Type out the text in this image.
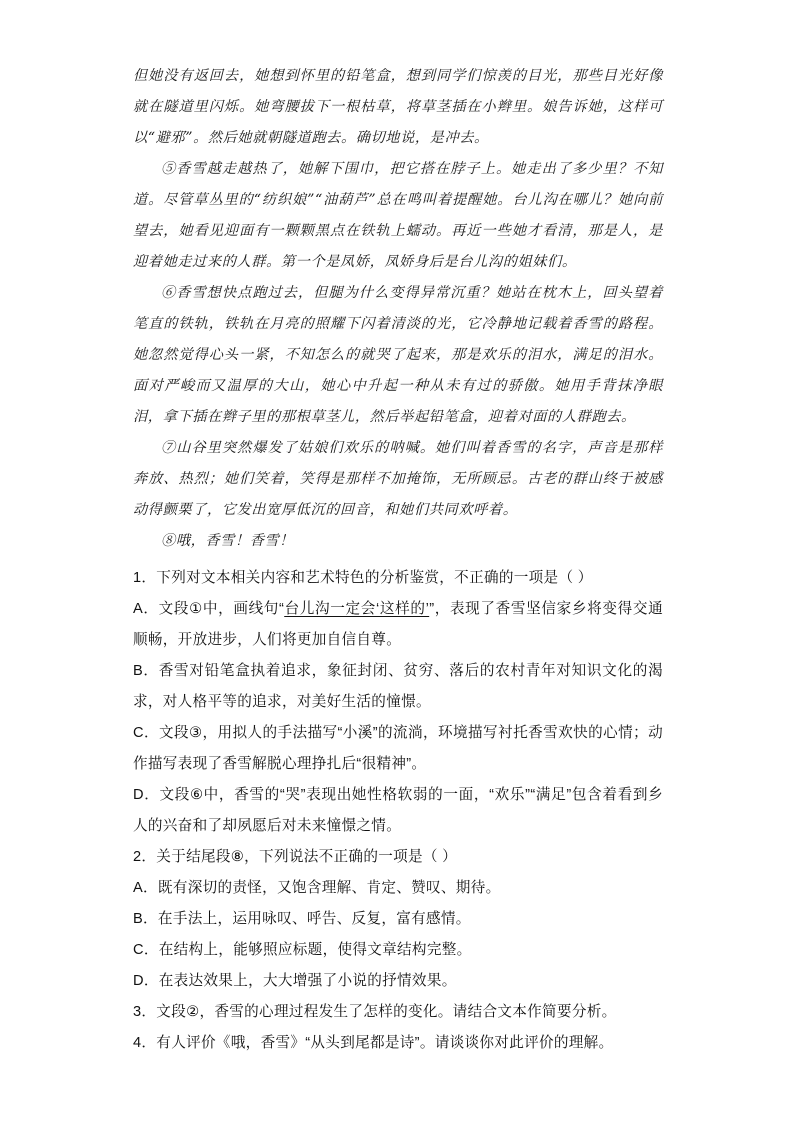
但她没有返回去，她想到怀里的铅笔盒，想到同学们惊羡的目光，那些目光好像就在隧道里闪烁。她弯腰拔下一根枯草，将草茎插在小辫里。娘告诉她，这样可以“避邪”。然后她就朝隧道跑去。确切地说，是冲去。

⑤香雪越走越热了，她解下围巾，把它搭在脖子上。她走出了多少里？不知道。尽管草丛里的“纺织娘”“油葫芦”总在鸣叫着提醒她。台儿沟在哪儿？她向前望去，她看见迎面有一颗颗黑点在铁轨上蠕动。再近一些她才看清，那是人，是迎着她走过来的人群。第一个是凤娇，凤娇身后是台儿沟的姐妹们。

⑥香雪想快点跑过去，但腿为什么变得异常沉重？她站在枕木上，回头望着笔直的铁轨，铁轨在月亮的照耀下闪着清淡的光，它冷静地记载着香雪的路程。她忽然觉得心头一紧，不知怎么的就哭了起来，那是欢乐的泪水，满足的泪水。面对严峻而又温厚的大山，她心中升起一种从未有过的骄傲。她用手背抹净眼泪，拿下插在辫子里的那根草茎儿，然后举起铅笔盒，迎着对面的人群跑去。

⑦山谷里突然爆发了姑娘们欢乐的呐喊。她们叫着香雪的名字，声音是那样奔放、热烈；她们笑着，笑得是那样不加掩饰，无所顾忌。古老的群山终于被感动得颤栗了，它发出宽厚低沉的回音，和她们共同欢呼着。

⑧哦，香雪！香雪！

1．下列对文本相关内容和艺术特色的分析鉴赏，不正确的一项是（ ）

A．文段①中，画线句“台儿沟一定会‘这样的’”，表现了香雪坚信家乡将变得交通顺畅，开放进步，人们将更加自信自尊。

B．香雪对铅笔盒执着追求，象征封闭、贫穷、落后的农村青年对知识文化的渴求，对人格平等的追求，对美好生活的憧憬。

C．文段③，用拟人的手法描写“小溪”的流淌，环境描写衬托香雪欢快的心情；动作描写表现了香雪解脱心理挣扎后“很精神”。

D．文段⑥中，香雪的“哭”表现出她性格软弱的一面，“欢乐”“满足”包含着看到乡人的兴奋和了却夙愿后对未来憧憬之情。

2．关于结尾段⑧，下列说法不正确的一项是（ ）

A．既有深切的责怪，又饱含理解、肯定、赞叹、期待。

B．在手法上，运用咏叹、呼告、反复，富有感情。

C．在结构上，能够照应标题，使得文章结构完整。

D．在表达效果上，大大增强了小说的抒情效果。

3．文段②，香雪的心理过程发生了怎样的变化。请结合文本作简要分析。

4．有人评价《哦，香雪》“从头到尾都是诗”。请谈谈你对此评价的理解。
